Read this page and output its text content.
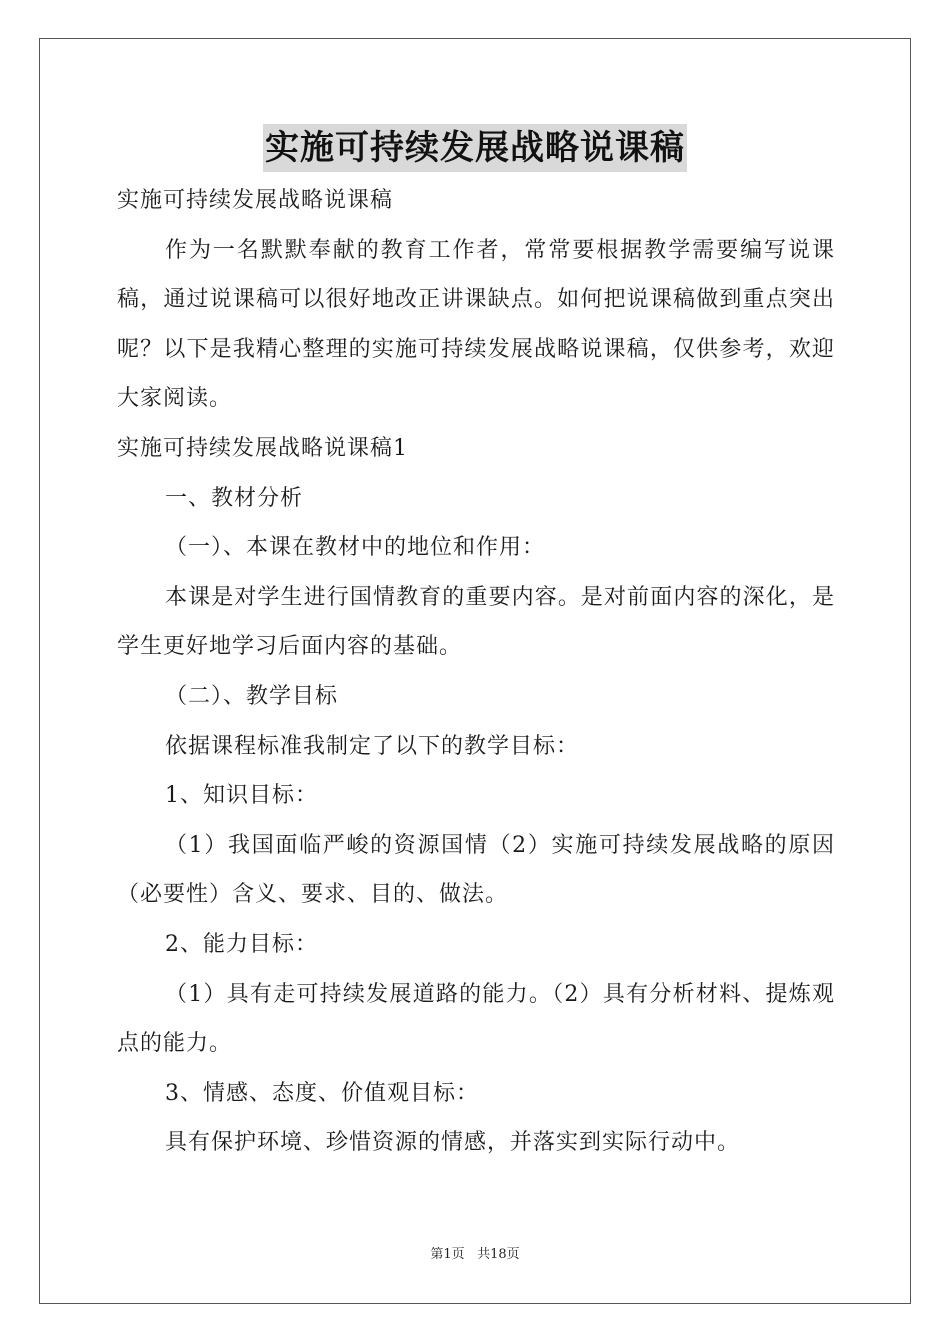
实施可持续发展战略说课稿

实施可持续发展战略说课稿

作为一名默默奉献的教育工作者，常常要根据教学需要编写说课稿，通过说课稿可以很好地改正讲课缺点。如何把说课稿做到重点突出呢？以下是我精心整理的实施可持续发展战略说课稿，仅供参考，欢迎大家阅读。

实施可持续发展战略说课稿1

一、教材分析

（一）、本课在教材中的地位和作用：

本课是对学生进行国情教育的重要内容。是对前面内容的深化，是学生更好地学习后面内容的基础。

（二）、教学目标

依据课程标准我制定了以下的教学目标：

1、知识目标：

（1）我国面临严峻的资源国情（2）实施可持续发展战略的原因（必要性）含义、要求、目的、做法。

2、能力目标：

（1）具有走可持续发展道路的能力。（2）具有分析材料、提炼观点的能力。

3、情感、态度、价值观目标：

具有保护环境、珍惜资源的情感，并落实到实际行动中。

第1页 共18页
